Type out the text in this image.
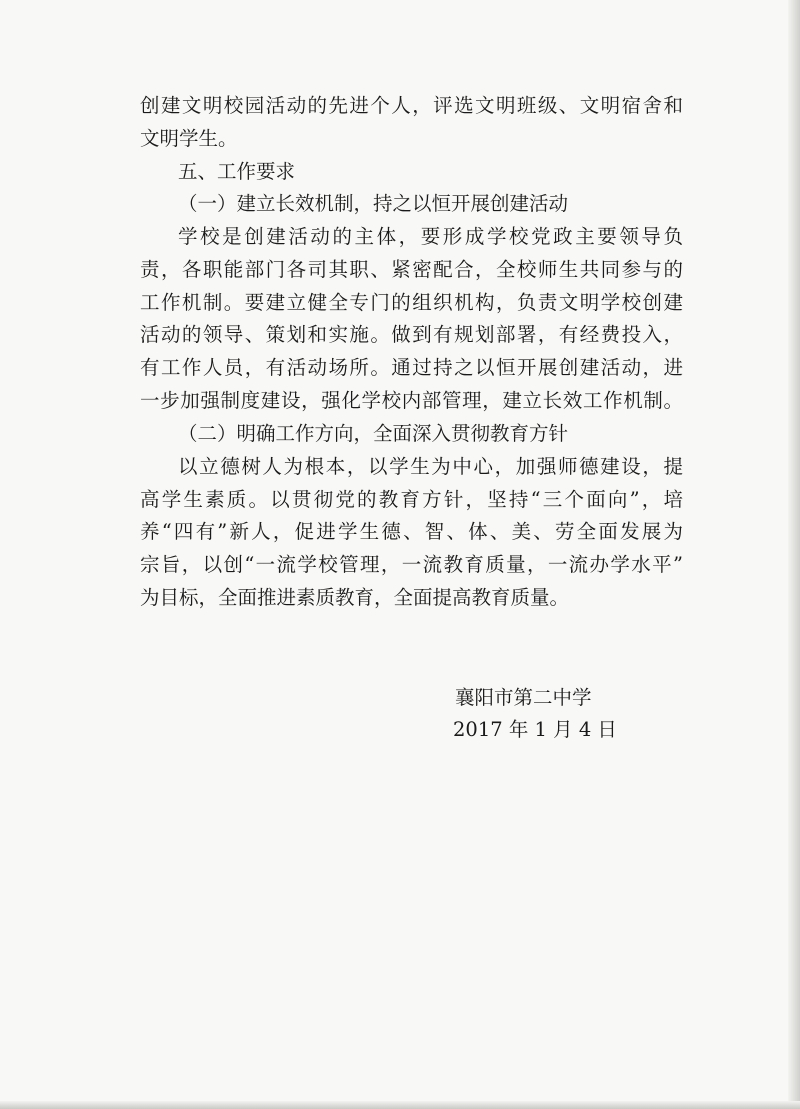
创建文明校园活动的先进个人，评选文明班级、文明宿舍和
文明学生。
五、工作要求
（一）建立长效机制，持之以恒开展创建活动
学校是创建活动的主体，要形成学校党政主要领导负
责，各职能部门各司其职、紧密配合，全校师生共同参与的
工作机制。要建立健全专门的组织机构，负责文明学校创建
活动的领导、策划和实施。做到有规划部署，有经费投入，
有工作人员，有活动场所。通过持之以恒开展创建活动，进
一步加强制度建设，强化学校内部管理，建立长效工作机制。
（二）明确工作方向，全面深入贯彻教育方针
以立德树人为根本，以学生为中心，加强师德建设，提
高学生素质。以贯彻党的教育方针，坚持“三个面向”，培
养“四有”新人，促进学生德、智、体、美、劳全面发展为
宗旨，以创“一流学校管理，一流教育质量，一流办学水平”
为目标，全面推进素质教育，全面提高教育质量。
襄阳市第二中学
2017 年 1 月 4 日
